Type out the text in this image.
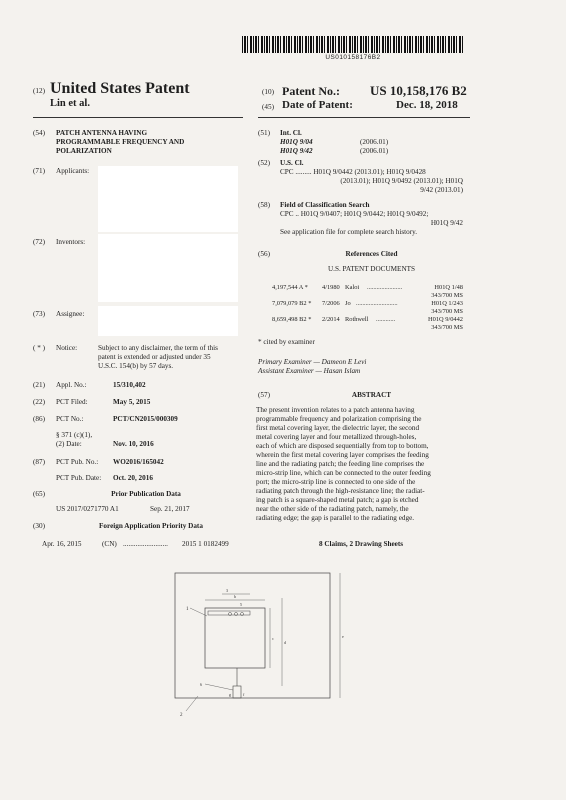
US010158176B2
(12) United States Patent
Lin et al.
(10) Patent No.: US 10,158,176 B2
(45) Date of Patent:	Dec. 18, 2018
(54) PATCH ANTENNA HAVING
PROGRAMMABLE FREQUENCY AND
POLARIZATION
(71) Applicants:
(72) Inventors:
(73) Assignee:
( * ) Notice:	Subject to any disclaimer, the term of this
patent is extended or adjusted under 35
U.S.C. 154(b) by 57 days.
(21) Appl. No.:	15/310,402
(22) PCT Filed:	May 5, 2015
(86) PCT No.:	PCT/CN2015/000309
§ 371 (c)(1),
(2) Date:	Nov. 10, 2016
(87) PCT Pub. No.: WO2016/165042
PCT Pub. Date: Oct. 20, 2016
(65)	Prior Publication Data
US 2017/0271770 A1	Sep. 21, 2017
(30)	Foreign Application Priority Data
Apr. 16, 2015	(CN) ......................... 2015 1 0182499
(51) Int. Cl.
H01Q 9/04	(2006.01)
H01Q 9/42	(2006.01)
(52) U.S. Cl.
CPC ......... H01Q 9/0442 (2013.01); H01Q 9/0428
(2013.01); H01Q 9/0492 (2013.01); H01Q
9/42 (2013.01)
(58) Field of Classification Search
CPC .. H01Q 9/0407; H01Q 9/0442; H01Q 9/0492;
H01Q 9/42
See application file for complete search history.
(56)	References Cited
U.S. PATENT DOCUMENTS
4,197,544 A * 4/1980 Kaloi ......................	H01Q 1/48
343/700 MS
7,079,079 B2 * 7/2006 Jo ..........................	H01Q 1/243
343/700 MS
8,659,498 B2 * 2/2014 Rothwell ............	H01Q 9/0442
343/700 MS
* cited by examiner
Primary Examiner — Dameon E Levi
Assistant Examiner — Hasan Islam
(57)	ABSTRACT
The present invention relates to a patch antenna having
programmable frequency and polarization comprising the
first metal covering layer, the dielectric layer, the second
metal covering layer and four metallized through-holes,
each of which are disposed sequentially from top to bottom,
wherein the first metal covering layer comprises the feeding
line and the radiating patch; the feeding line comprises the
micro-strip line, which can be connected to the outer feeding
port; the micro-strip line is connected to one side of the
radiating patch through the high-resistance line; the radiat-
ing patch is a square-shaped metal patch; a gap is etched
near the other side of the radiating patch, namely, the
radiating edge; the gap is parallel to the radiating edge.
8 Claims, 2 Drawing Sheets
1
2
3
5
6
b
c
d
e
f
g
